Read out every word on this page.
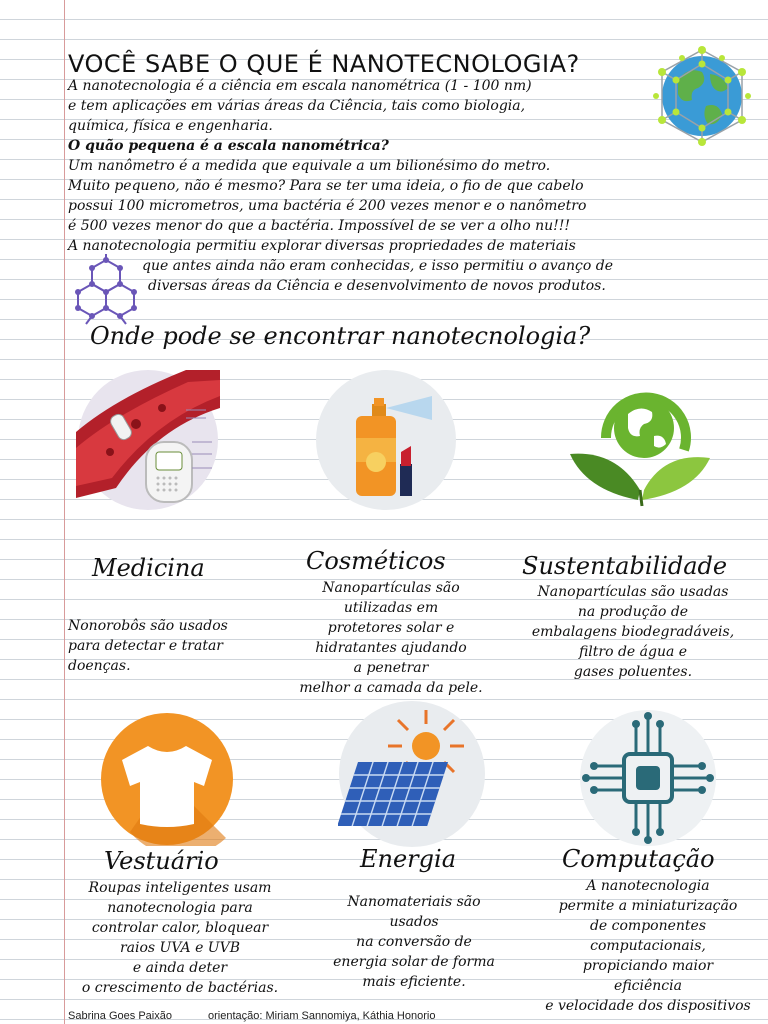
VOCÊ SABE O QUE É NANOTECNOLOGIA?
A nanotecnologia é a ciência em escala nanométrica (1 - 100 nm)
e tem aplicações em várias áreas da Ciência, tais como biologia,
química, física e engenharia.
O quão pequena é a escala nanométrica?
Um nanômetro é a medida que equivale a um bilionésimo do metro.
Muito pequeno, não é mesmo? Para se ter uma ideia, o fio de que cabelo
possui 100 micrometros, uma bactéria é 200 vezes menor e o nanômetro
é 500 vezes menor do que a bactéria. Impossível de se ver a olho nu!!!
A nanotecnologia permitiu explorar diversas propriedades de materiais
que antes ainda não eram conhecidas, e isso permitiu o avanço de
diversas áreas da Ciência e desenvolvimento de novos produtos.
Onde pode se encontrar nanotecnologia?
Medicina	Cosméticos	Sustentabilidade
Nonorobôs são usados
para detectar e tratar
doenças.
Nanopartículas são
utilizadas em
protetores solar e
hidratantes ajudando
a penetrar
melhor a camada da pele.
Nanopartículas são usadas
na produção de
embalagens biodegradáveis,
filtro de água e
gases poluentes.
Vestuário	Energia	Computação
Roupas inteligentes usam
nanotecnologia para
controlar calor, bloquear
raios UVA e UVB
e ainda deter
o crescimento de bactérias.
Nanomateriais são
usados
na conversão de
energia solar de forma
mais eficiente.
A nanotecnologia
permite a miniaturização
de componentes
computacionais,
propiciando maior
eficiência
e velocidade dos dispositivos
Sabrina Goes Paixão	orientação: Miriam Sannomiya, Káthia Honorio
